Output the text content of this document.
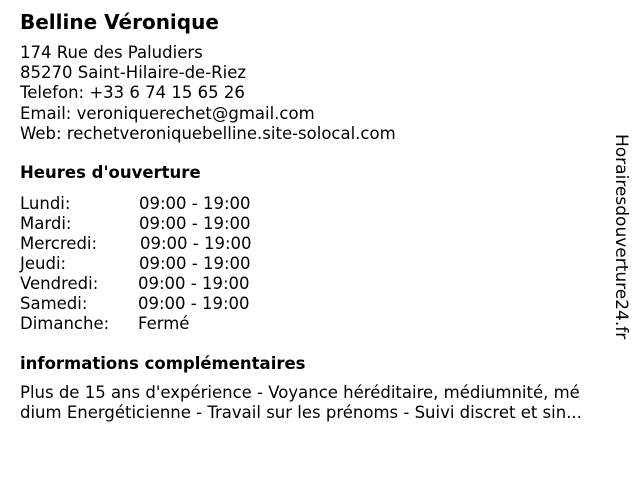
Belline Véronique
174 Rue des Paludiers
85270 Saint-Hilaire-de-Riez
Telefon: +33 6 74 15 65 26
Email: veroniquerechet@gmail.com
Web: rechetveroniquebelline.site-solocal.com
Heures d'ouverture
Lundi:	09:00 - 19:00
Mardi:	09:00 - 19:00
Mercredi:	09:00 - 19:00
Jeudi:	09:00 - 19:00
Vendredi: 09:00 - 19:00
Samedi:	09:00 - 19:00
Dimanche: Fermé
informations complémentaires
Plus de 15 ans d'expérience - Voyance héréditaire, médiumnité, mé
dium Energéticienne - Travail sur les prénoms - Suivi discret et sin...
Horairesdouverture24.fr
